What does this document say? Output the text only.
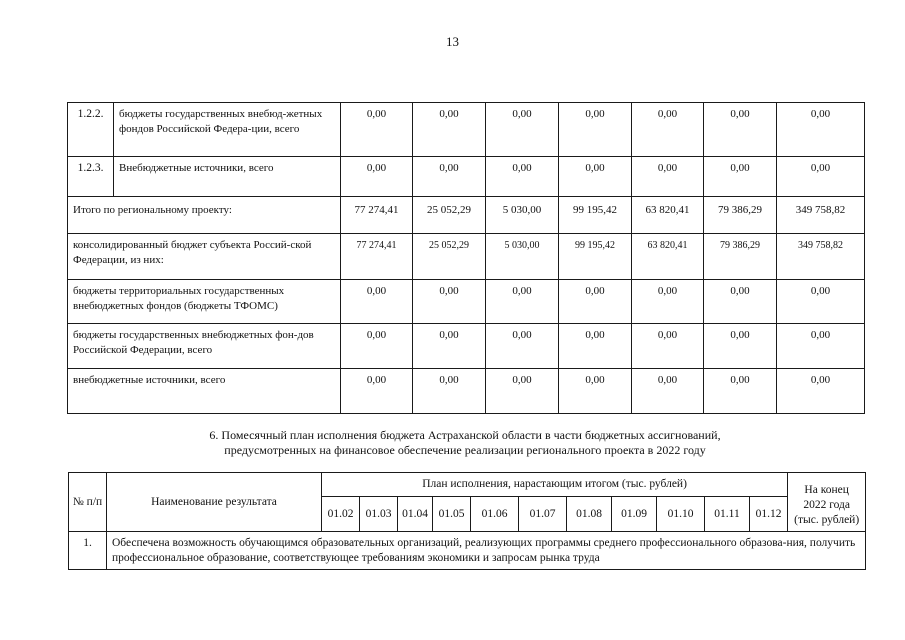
13
1.2.2.	бюджеты государственных внебюд-жетных фондов Российской Федера-ции, всего	0,00	0,00	0,00	0,00	0,00	0,00	0,00
1.2.3.	Внебюджетные источники, всего	0,00	0,00	0,00	0,00	0,00	0,00	0,00
Итого по региональному проекту:		77 274,41	25 052,29	5 030,00	99 195,42	63 820,41	79 386,29	349 758,82
консолидированный бюджет субъекта Россий-ской Федерации, из них:		77 274,41	25 052,29	5 030,00	99 195,42	63 820,41	79 386,29	349 758,82
бюджеты территориальных государственных внебюджетных фондов (бюджеты ТФОМС)		0,00	0,00	0,00	0,00	0,00	0,00	0,00
бюджеты государственных внебюджетных фон-дов Российской Федерации, всего		0,00	0,00	0,00	0,00	0,00	0,00	0,00
внебюджетные источники, всего		0,00	0,00	0,00	0,00	0,00	0,00	0,00
6. Помесячный план исполнения бюджета Астраханской области в части бюджетных ассигнований,
предусмотренных на финансовое обеспечение реализации регионального проекта в 2022 году
№ п/п	Наименование результата	План исполнения, нарастающим итогом (тыс. рублей)											На конец
2022 года
(тыс. рублей)

		01.02	01.03	01.04	01.05	01.06	01.07	01.08	01.09	01.10	01.11	01.12	
1.	Обеспечена возможность обучающимся образовательных организаций, реализующих программы среднего профессионального образова-ния, получить профессиональное образование, соответствующее требованиям экономики и запросам рынка труда												
